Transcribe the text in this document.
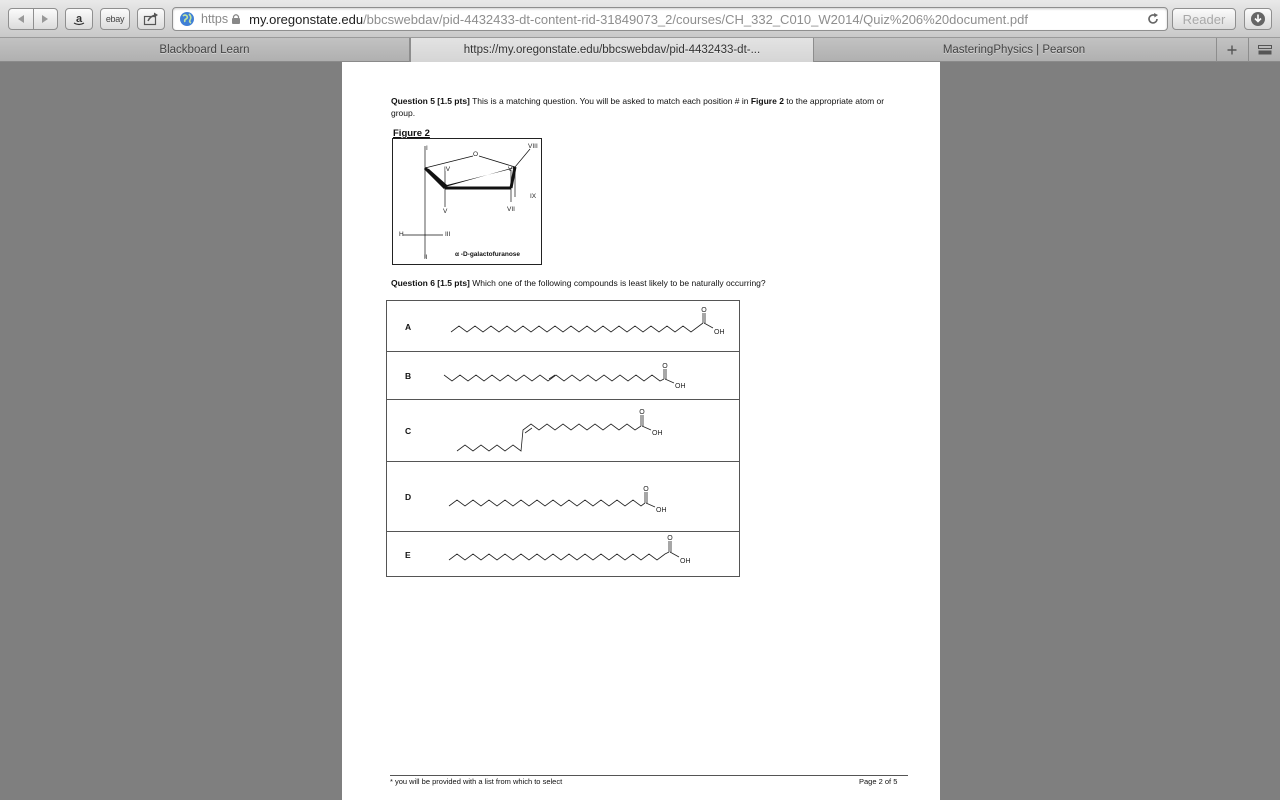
a	ebay	https my.oregonstate.edu /bbcswebdav/pid-4432433-dt-content-rid-31849073_2/courses/CH_332_C010_W2014/Quiz%206%20document.pdf	Reader
Blackboard Learn	https://my.oregonstate.edu/bbcswebdav/pid-4432433-dt-...	MasteringPhysics | Pearson
Question 5 [1.5 pts] This is a matching question. You will be asked to match each position # in Figure 2 to the appropriate atom or group.
Figure 2
O
H
I
II
III
IV
V
VI
VII
VIII
IX
α -D-galactofuranose
Question 6 [1.5 pts] Which one of the following compounds is least likely to be naturally occurring?
A
O
OH
B
O
OH
C
O
OH
D
O
OH
E
O
OH
* you will be provided with a list from which to select	Page 2 of 5
